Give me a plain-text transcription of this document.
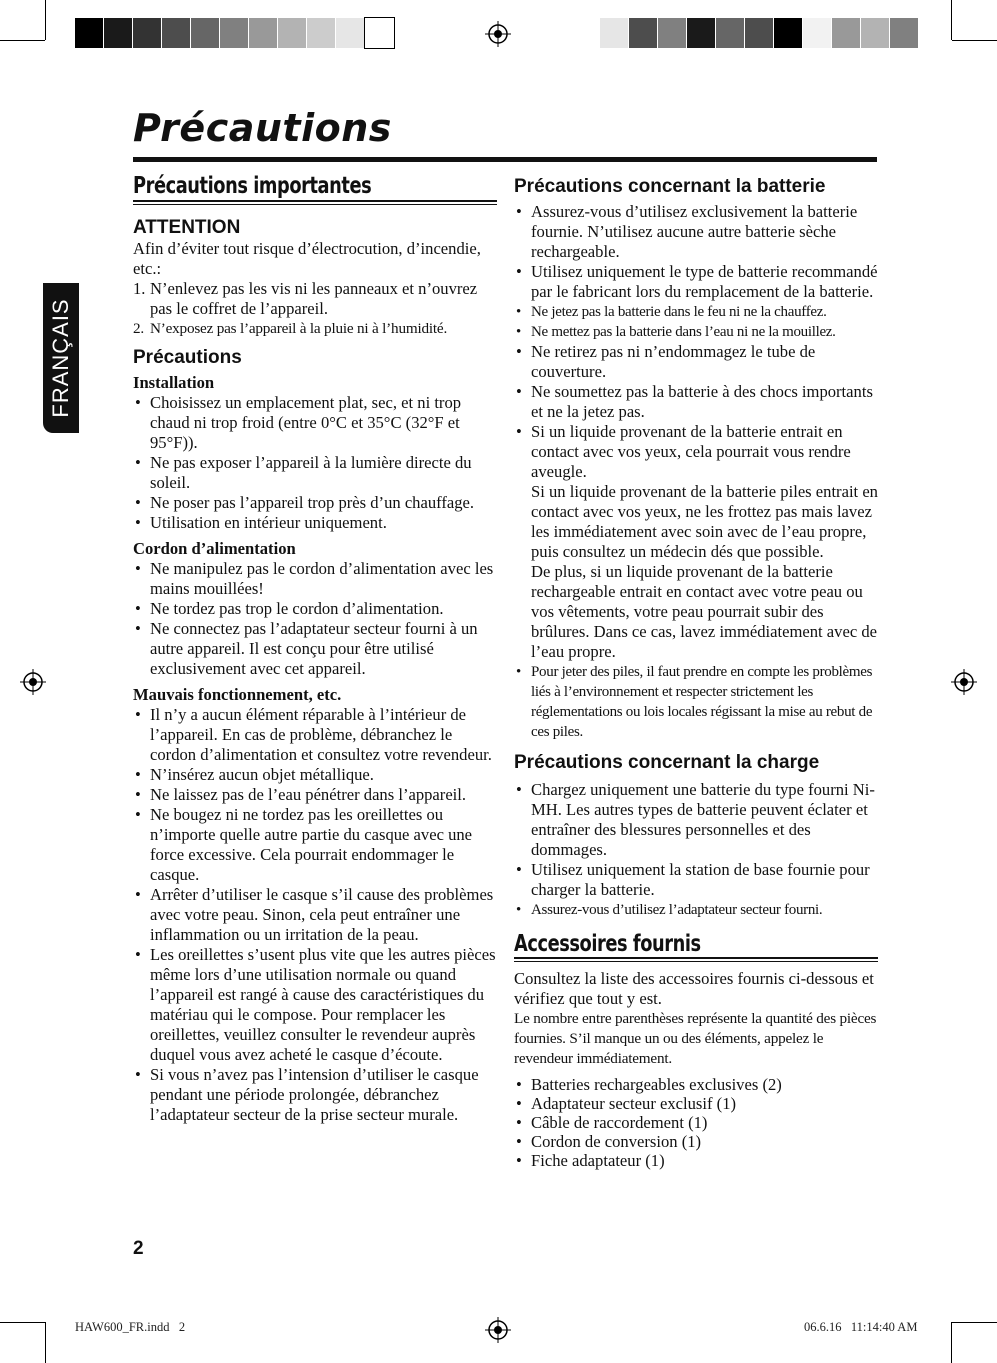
Précautions
FRANÇAIS
Précautions importantes

ATTENTION

Afin d’éviter tout risque d’électrocution, d’incendie, etc.:

1. N’enlevez pas les vis ni les panneaux et n’ouvrez pas le coffret de l’appareil.
2. N’exposez pas l’appareil à la pluie ni à l’humidité.

Précautions

Installation

• Choisissez un emplacement plat, sec, et ni trop chaud ni trop froid (entre 0°C et 35°C (32°F et 95°F)).
• Ne pas exposer l’appareil à la lumière directe du soleil.
• Ne poser pas l’appareil trop près d’un chauffage.
• Utilisation en intérieur uniquement.

Cordon d’alimentation

• Ne manipulez pas le cordon d’alimentation avec les mains mouillées!
• Ne tordez pas trop le cordon d’alimentation.
• Ne connectez pas l’adaptateur secteur fourni à un autre appareil. Il est conçu pour être utilisé exclusivement avec cet appareil.

Mauvais fonctionnement, etc.

• Il n’y a aucun élément réparable à l’intérieur de l’appareil. En cas de problème, débranchez le cordon d’alimentation et consultez votre revendeur.
• N’insérez aucun objet métallique.
• Ne laissez pas de l’eau pénétrer dans l’appareil.
• Ne bougez ni ne tordez pas les oreillettes ou n’importe quelle autre partie du casque avec une force excessive. Cela pourrait endommager le casque.
• Arrêter d’utiliser le casque s’il cause des problèmes avec votre peau. Sinon, cela peut entraîner une inflammation ou un irritation de la peau.
• Les oreillettes s’usent plus vite que les autres pièces même lors d’une utilisation normale ou quand l’appareil est rangé à cause des caractéristiques du matériau qui le compose. Pour remplacer les oreillettes, veuillez consulter le revendeur auprès duquel vous avez acheté le casque d’écoute.
• Si vous n’avez pas l’intension d’utiliser le casque pendant une période prolongée, débranchez l’adaptateur secteur de la prise secteur murale.

Précautions concernant la batterie

• Assurez-vous d’utilisez exclusivement la batterie fournie. N’utilisez aucune autre batterie sèche rechargeable.
• Utilisez uniquement le type de batterie recommandé par le fabricant lors du remplacement de la batterie.
• Ne jetez pas la batterie dans le feu ni ne la chauffez.
• Ne mettez pas la batterie dans l’eau ni ne la mouillez.
• Ne retirez pas ni n’endommagez le tube de couverture.
• Ne soumettez pas la batterie à des chocs importants et ne la jetez pas.
• Si un liquide provenant de la batterie entrait en contact avec vos yeux, cela pourrait vous rendre aveugle.
Si un liquide provenant de la batterie piles entrait en contact avec vos yeux, ne les frottez pas mais lavez les immédiatement avec soin avec de l’eau propre, puis consultez un médecin dés que possible.
De plus, si un liquide provenant de la batterie rechargeable entrait en contact avec votre peau ou vos vêtements, votre peau pourrait subir des brûlures. Dans ce cas, lavez immédiatement avec de l’eau propre.
• Pour jeter des piles, il faut prendre en compte les problèmes liés à l’environnement et respecter strictement les réglementations ou lois locales régissant la mise au rebut de ces piles.

Précautions concernant la charge

• Chargez uniquement une batterie du type fourni Ni-MH. Les autres types de batterie peuvent éclater et entraîner des blessures personnelles et des dommages.
• Utilisez uniquement la station de base fournie pour charger la batterie.
• Assurez-vous d’utilisez l’adaptateur secteur fourni.
Accessoires fournis

Consultez la liste des accessoires fournis ci-dessous et vérifiez que tout y est.

Le nombre entre parenthèses représente la quantité des pièces fournies. S’il manque un ou des éléments, appelez le revendeur immédiatement.

• Batteries rechargeables exclusives (2)
• Adaptateur secteur exclusif (1)
• Câble de raccordement (1)
• Cordon de conversion (1)
• Fiche adaptateur (1)
2
HAW600_FR.indd   2	06.6.16   11:14:40 AM
